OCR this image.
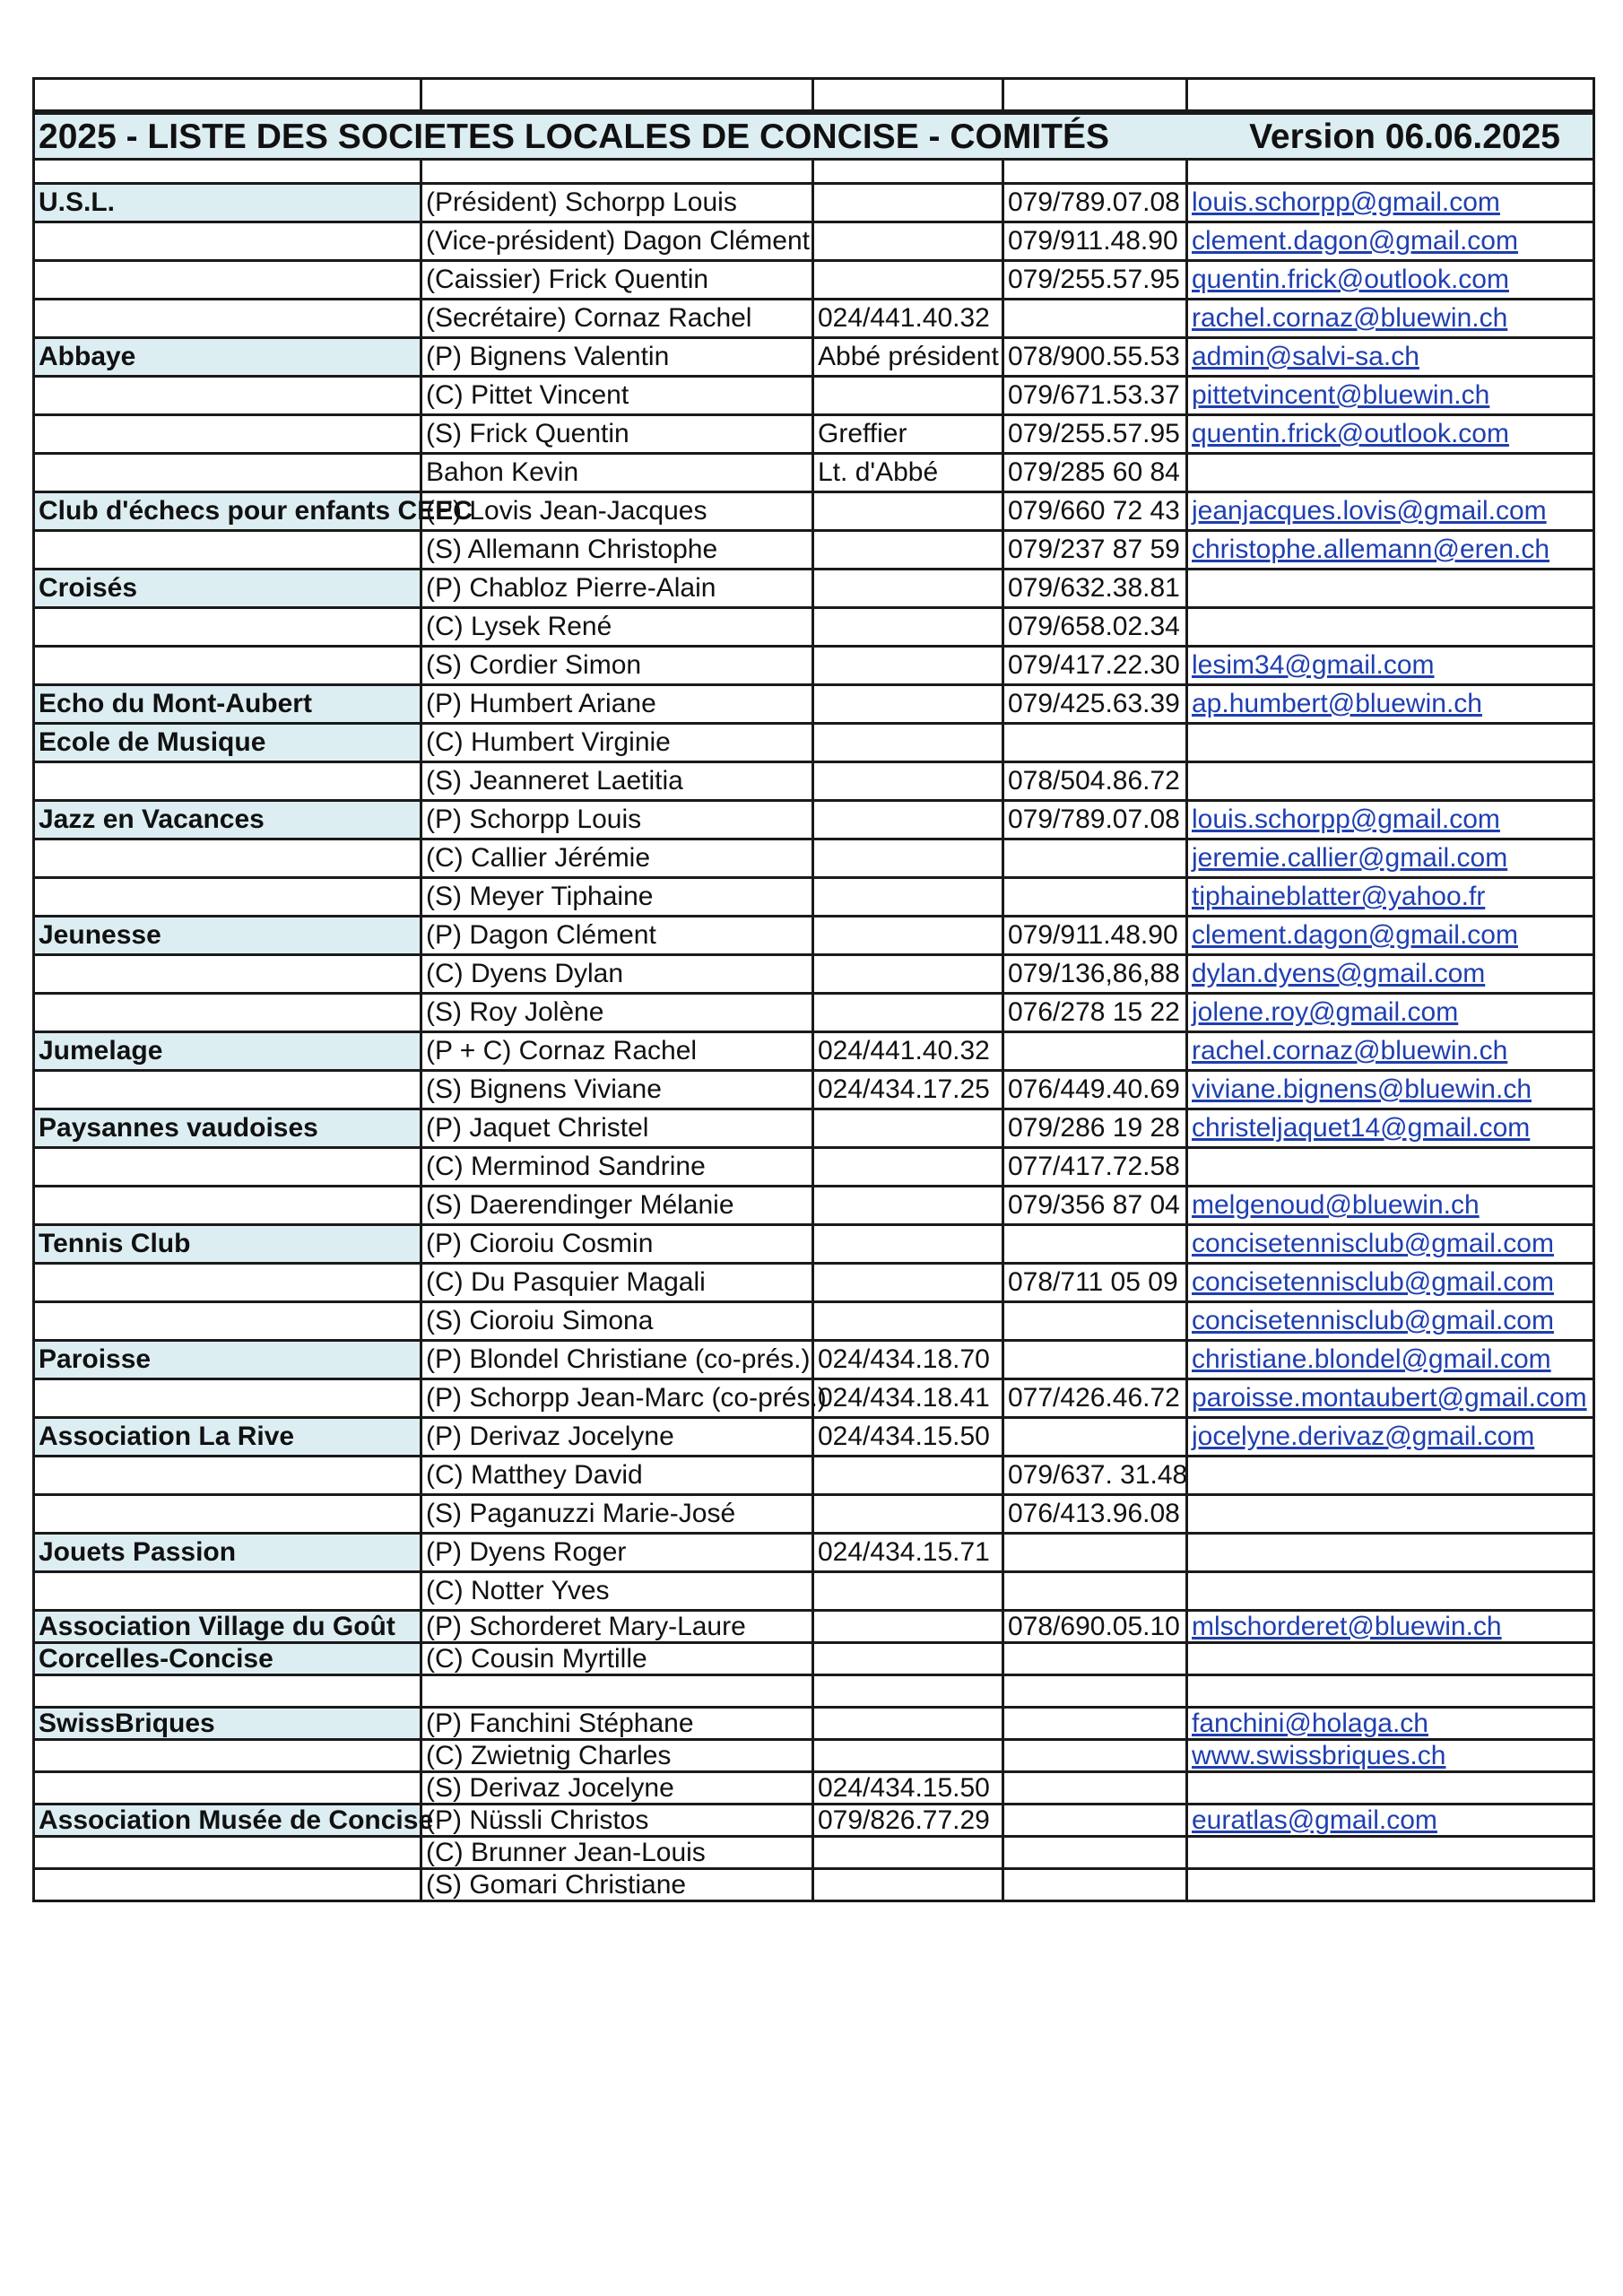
2025 - LISTE DES SOCIETES LOCALES DE CONCISE - COMITÉS				Version 06.06.2025

U.S.L.	(Président) Schorpp Louis		079/789.07.08	louis.schorpp@gmail.com
	(Vice-président) Dagon Clément		079/911.48.90	clement.dagon@gmail.com
	(Caissier) Frick Quentin		079/255.57.95	quentin.frick@outlook.com
	(Secrétaire) Cornaz Rachel	024/441.40.32		rachel.cornaz@bluewin.ch
Abbaye	(P) Bignens Valentin	Abbé président	078/900.55.53	admin@salvi-sa.ch
	(C) Pittet Vincent		079/671.53.37	pittetvincent@bluewin.ch
	(S) Frick Quentin	Greffier	079/255.57.95	quentin.frick@outlook.com
	Bahon Kevin	Lt. d'Abbé	079/285 60 84	
Club d'échecs pour enfants CEEC	(P) Lovis Jean-Jacques		079/660 72 43	jeanjacques.lovis@gmail.com
	(S) Allemann Christophe		079/237 87 59	christophe.allemann@eren.ch
Croisés	(P) Chabloz Pierre-Alain		079/632.38.81	
	(C) Lysek René		079/658.02.34	
	(S) Cordier Simon		079/417.22.30	lesim34@gmail.com
Echo du Mont-Aubert	(P) Humbert Ariane		079/425.63.39	ap.humbert@bluewin.ch
Ecole de Musique	(C) Humbert Virginie			
	(S) Jeanneret Laetitia		078/504.86.72	
Jazz en Vacances	(P) Schorpp Louis		079/789.07.08	louis.schorpp@gmail.com
	(C) Callier Jérémie			jeremie.callier@gmail.com
	(S) Meyer Tiphaine			tiphaineblatter@yahoo.fr
Jeunesse	(P) Dagon Clément		079/911.48.90	clement.dagon@gmail.com
	(C) Dyens Dylan		079/136,86,88	dylan.dyens@gmail.com
	(S) Roy Jolène		076/278 15 22	jolene.roy@gmail.com
Jumelage	(P + C) Cornaz Rachel	024/441.40.32		rachel.cornaz@bluewin.ch
	(S) Bignens Viviane	024/434.17.25	076/449.40.69	viviane.bignens@bluewin.ch
Paysannes vaudoises	(P) Jaquet Christel		079/286 19 28	christeljaquet14@gmail.com
	(C) Merminod Sandrine		077/417.72.58	
	(S) Daerendinger Mélanie		079/356 87 04	melgenoud@bluewin.ch
Tennis Club	(P) Cioroiu Cosmin			concisetennisclub@gmail.com
	(C) Du Pasquier Magali		078/711 05 09	concisetennisclub@gmail.com
	(S) Cioroiu Simona			concisetennisclub@gmail.com
Paroisse	(P) Blondel Christiane (co-prés.)	024/434.18.70		christiane.blondel@gmail.com
	(P) Schorpp Jean-Marc (co-prés.)	024/434.18.41	077/426.46.72	paroisse.montaubert@gmail.com
Association La Rive	(P) Derivaz Jocelyne	024/434.15.50		jocelyne.derivaz@gmail.com
	(C) Matthey David		079/637. 31.48	
	(S) Paganuzzi Marie-José		076/413.96.08	
Jouets Passion	(P) Dyens Roger	024/434.15.71		
	(C) Notter Yves			
Association Village du Goût	(P) Schorderet Mary-Laure		078/690.05.10	mlschorderet@bluewin.ch
Corcelles-Concise	(C) Cousin Myrtille			

SwissBriques	(P) Fanchini Stéphane			fanchini@holaga.ch
	(C) Zwietnig Charles			www.swissbriques.ch
	(S) Derivaz Jocelyne	024/434.15.50		
Association Musée de Concise	(P) Nüssli Christos	079/826.77.29		euratlas@gmail.com
	(C) Brunner Jean-Louis			
	(S) Gomari Christiane			
